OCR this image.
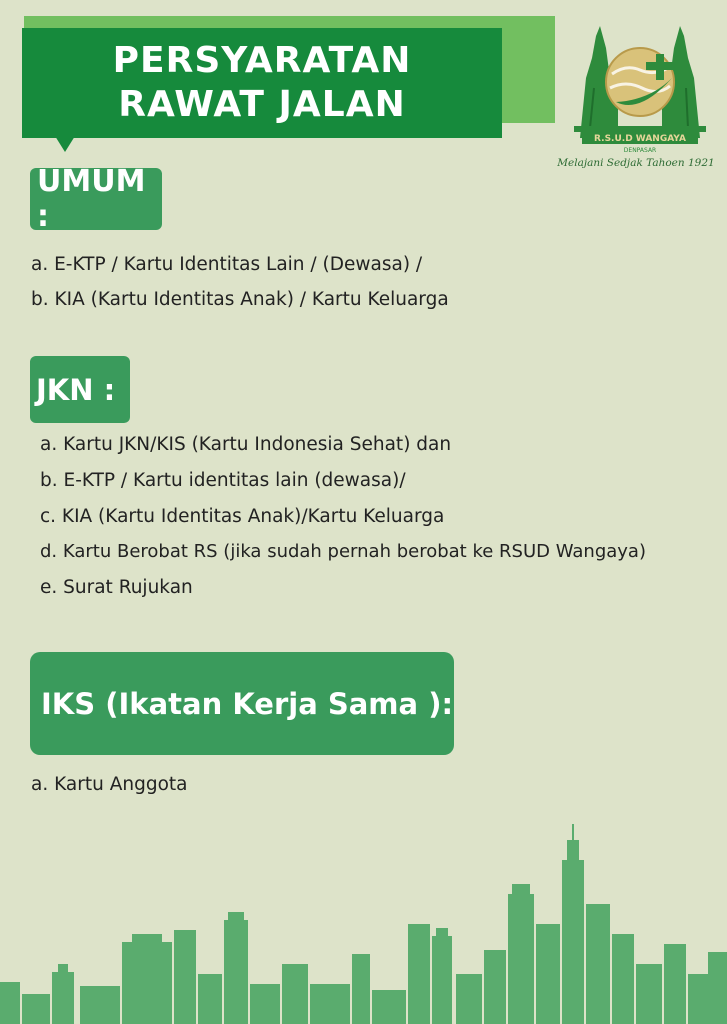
PERSYARATAN
RAWAT JALAN
R.S.U.D WANGAYA
DENPASAR
Melajani Sedjak Tahoen 1921
UMUM :
a. E-KTP / Kartu Identitas Lain / (Dewasa) /
b. KIA (Kartu Identitas Anak) / Kartu Keluarga
JKN :
a. Kartu JKN/KIS (Kartu Indonesia Sehat) dan
b. E-KTP / Kartu identitas lain (dewasa)/
c. KIA (Kartu Identitas Anak)/Kartu Keluarga
d. Kartu Berobat RS (jika sudah pernah berobat ke RSUD Wangaya)
e. Surat Rujukan
IKS (Ikatan Kerja Sama ):
a. Kartu Anggota
